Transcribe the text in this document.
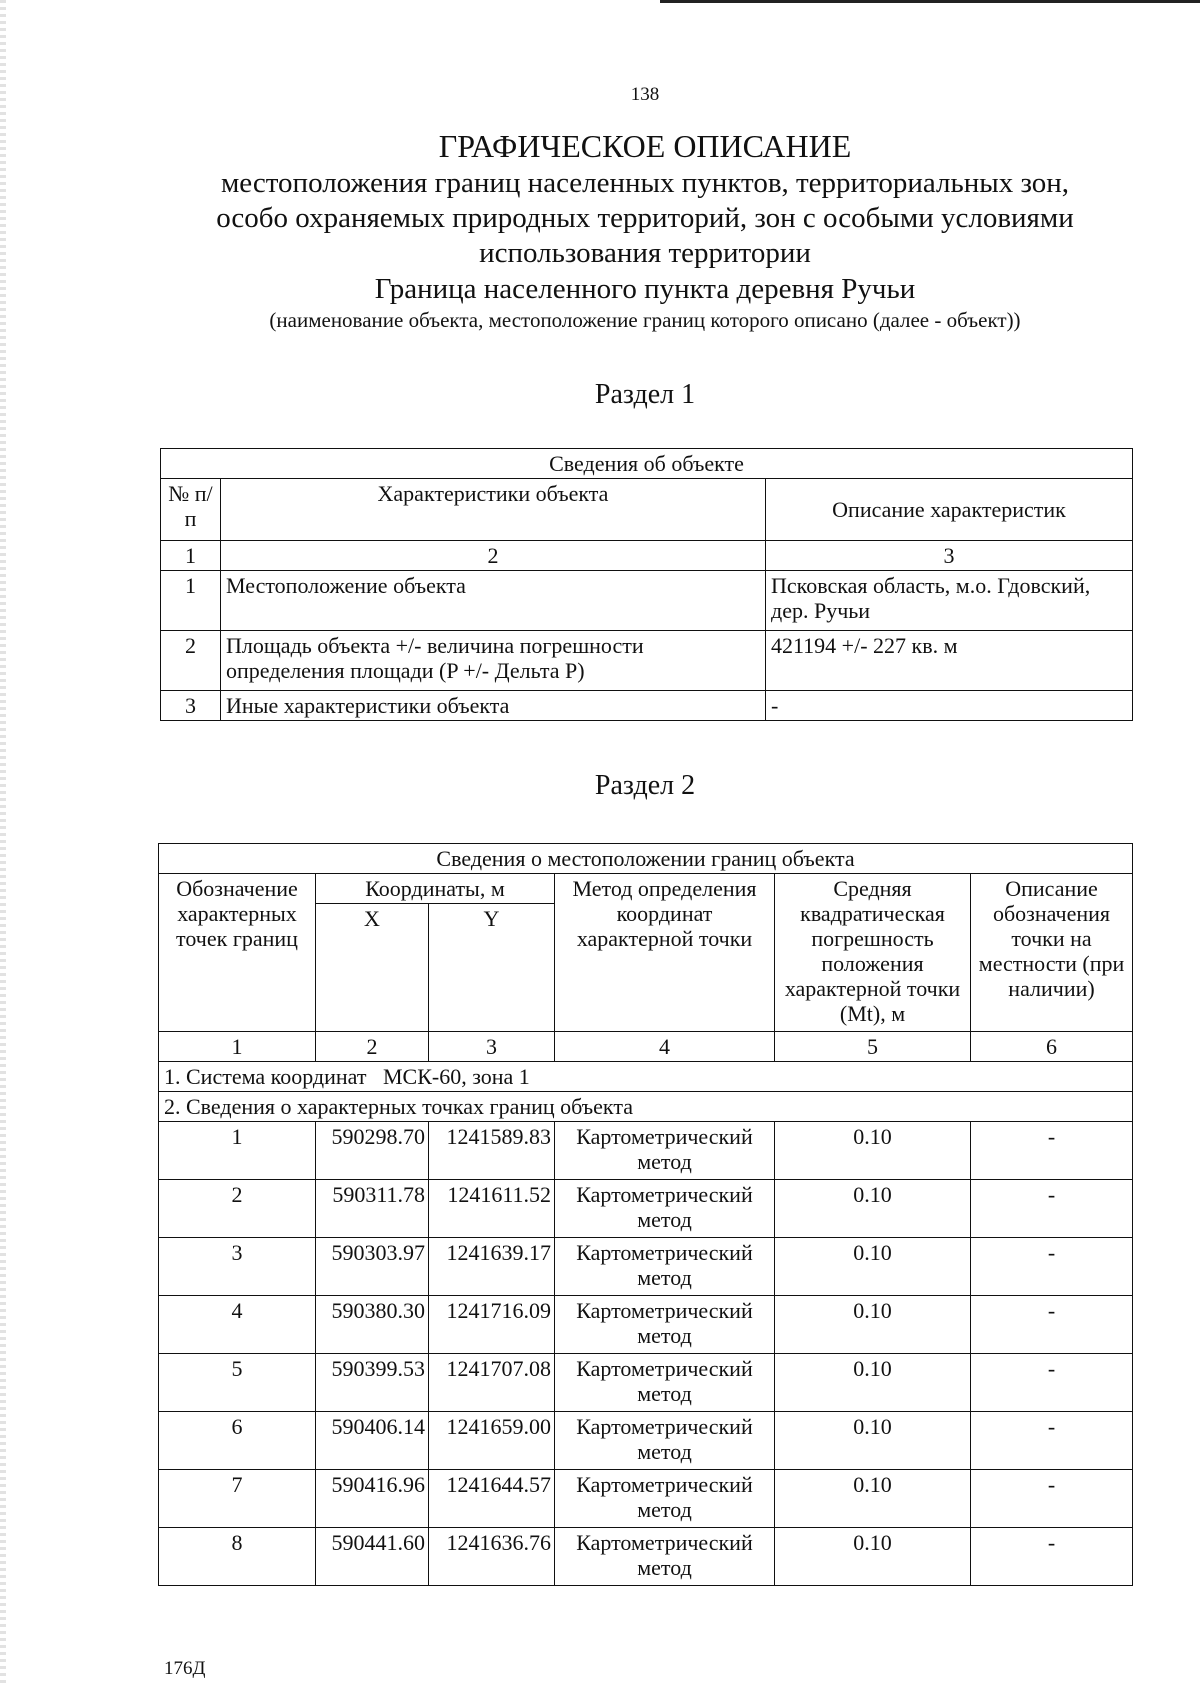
138
ГРАФИЧЕСКОЕ ОПИСАНИЕ
местоположения границ населенных пунктов, территориальных зон,
особо охраняемых природных территорий, зон с особыми условиями
использования территории
Граница населенного пункта деревня Ручьи
(наименование объекта, местоположение границ которого описано (далее - объект))
Раздел 1
Сведения об объекте		
№ п/п	Характеристики объекта	Описание характеристик
1	2	3
1	Местоположение объекта	Псковская область, м.о. Гдовский, дер. Ручьи
2	Площадь объекта +/- величина погрешности определения площади (P +/- Дельта P)	421194 +/- 227 кв. м
3	Иные характеристики объекта	-
Раздел 2
Сведения о местоположении границ объекта					
Обозначение характерных точек границ	Координаты, м		Метод определения координат характерной точки	Средняя квадратическая погрешность положения характерной точки (Mt), м	Описание обозначения точки на местности (при наличии)
	X	Y			
1	2	3	4	5	6
1. Система координат   МСК-60, зона 1					
2. Сведения о характерных точках границ объекта					
1	590298.70	1241589.83	Картометрический метод	0.10	-
2	590311.78	1241611.52	Картометрический метод	0.10	-
3	590303.97	1241639.17	Картометрический метод	0.10	-
4	590380.30	1241716.09	Картометрический метод	0.10	-
5	590399.53	1241707.08	Картометрический метод	0.10	-
6	590406.14	1241659.00	Картометрический метод	0.10	-
7	590416.96	1241644.57	Картометрический метод	0.10	-
8	590441.60	1241636.76	Картометрический метод	0.10	-
176Д
